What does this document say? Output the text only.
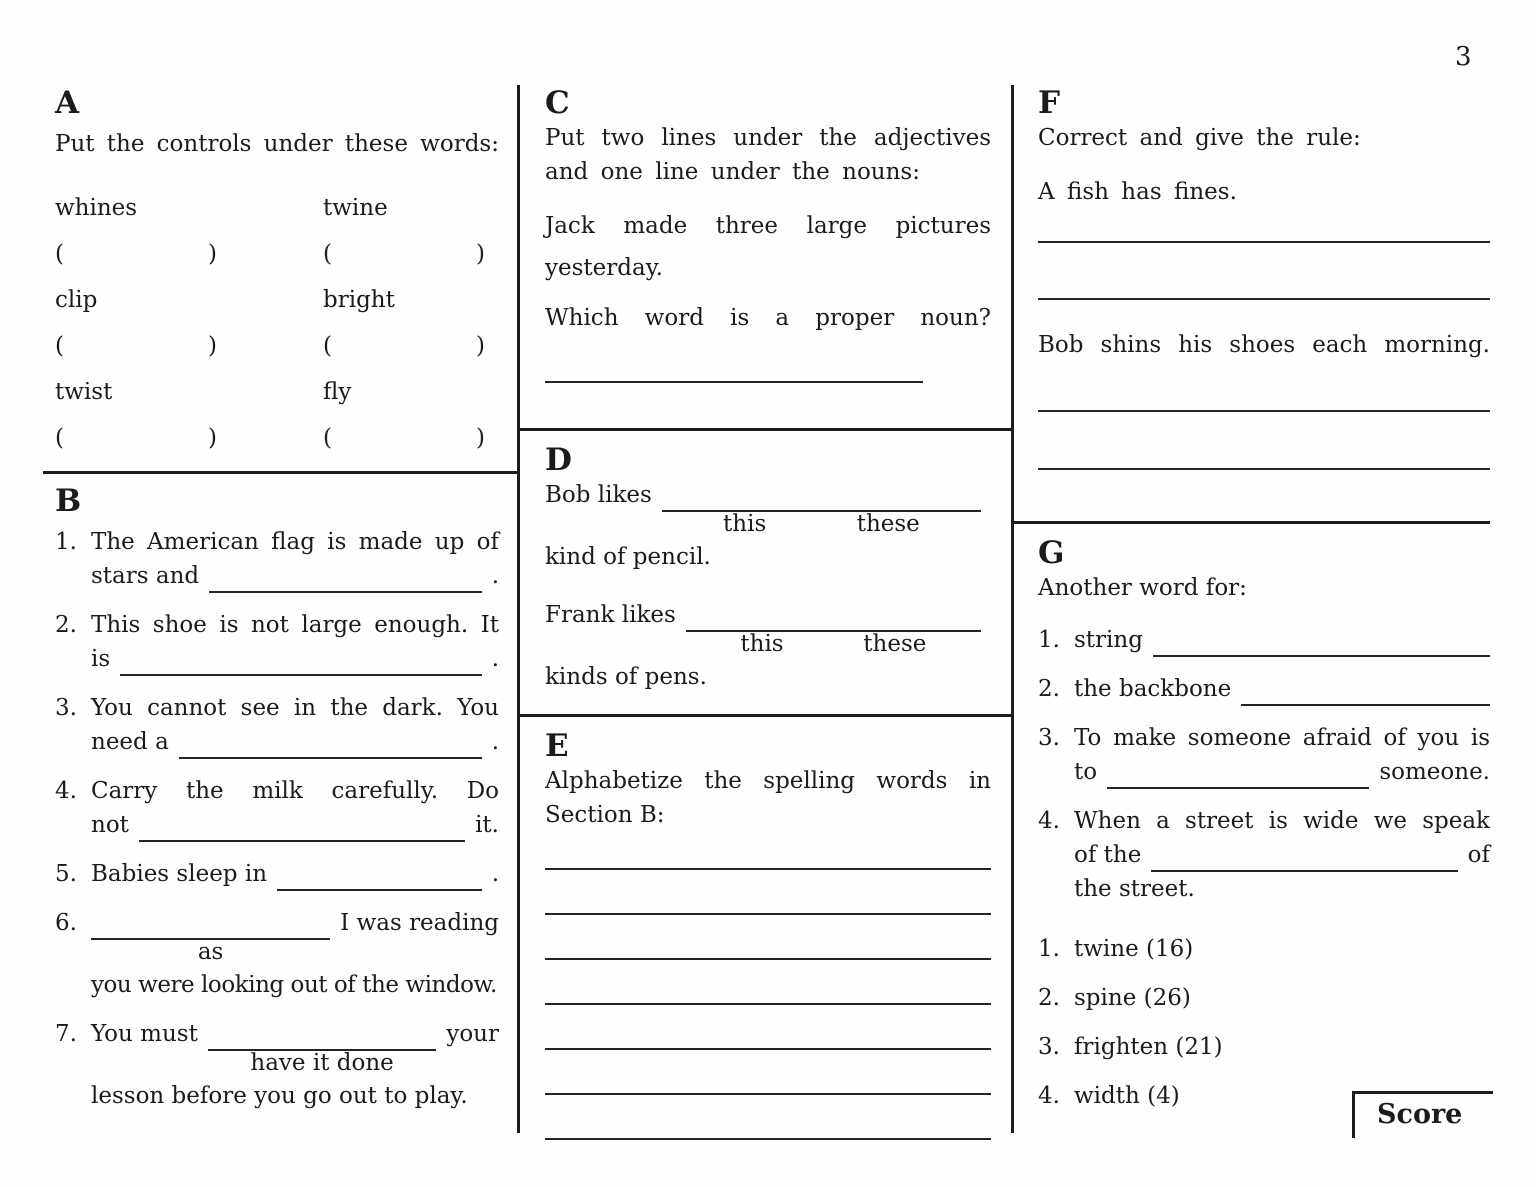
3
A
Put the controls under these words:
whines	twine
(	)	(	)
clip	bright
(	)	(	)
twist	fly
(	)	(	)
B
1. The American flag is made up of
stars and	.
2. This shoe is not large enough. It
is	.
3. You cannot see in the dark. You
need a	.
4. Carry the milk carefully. Do
not	it.
5. Babies sleep in	.
6.
as
I was reading
you were looking out of the window.
7. You must
have it done
your
lesson before you go out to play.
C
Put two lines under the adjectives
and one line under the nouns:
Jack made three large pictures
yesterday.
Which word is a proper noun?
D
Bob likes
this	these
kind of pencil.
Frank likes
this	these
kinds of pens.
E
Alphabetize the spelling words in
Section B:
F
Correct and give the rule:
A fish has fines.
Bob shins his shoes each morning.
G
Another word for:
1. string
2. the backbone
3. To make someone afraid of you is
to	someone.
4. When a street is wide we speak
of the	of
the street.
1. twine (16)
2. spine (26)
3. frighten (21)
4. width (4)
Score
